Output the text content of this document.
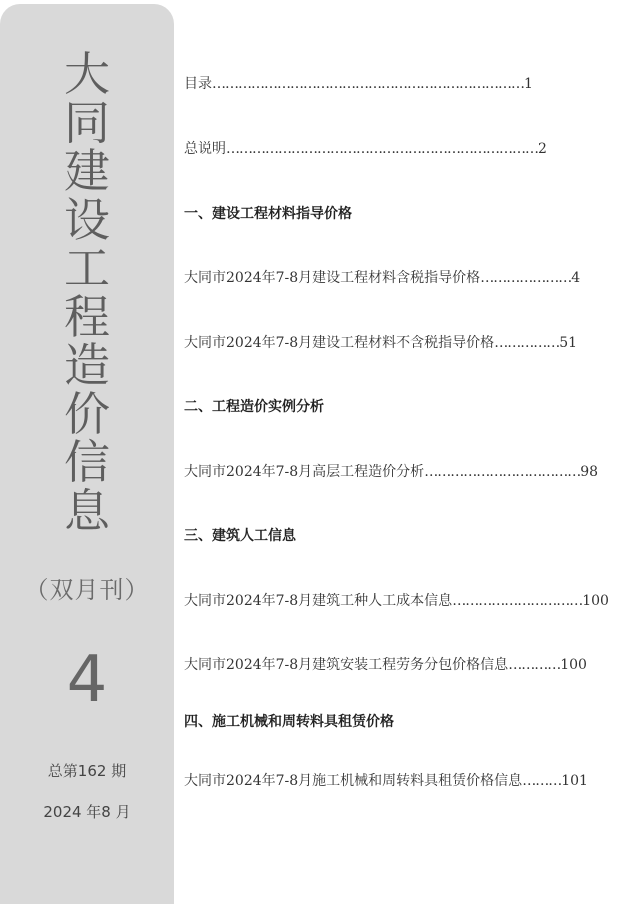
大
同
建
设
工
程
造
价
信
息
（双月刊）
4
总第162 期
2024 年8 月
目录………………………………………………………………1
总说明………………………………………………………………2
一、建设工程材料指导价格
大同市2024年7-8月建设工程材料含税指导价格…………………4
大同市2024年7-8月建设工程材料不含税指导价格……………51
二、工程造价实例分析
大同市2024年7-8月高层工程造价分析………………………………98
三、建筑人工信息
大同市2024年7-8月建筑工种人工成本信息…………………………100
大同市2024年7-8月建筑安装工程劳务分包价格信息…………100
四、施工机械和周转料具租赁价格
大同市2024年7-8月施工机械和周转料具租赁价格信息………101
